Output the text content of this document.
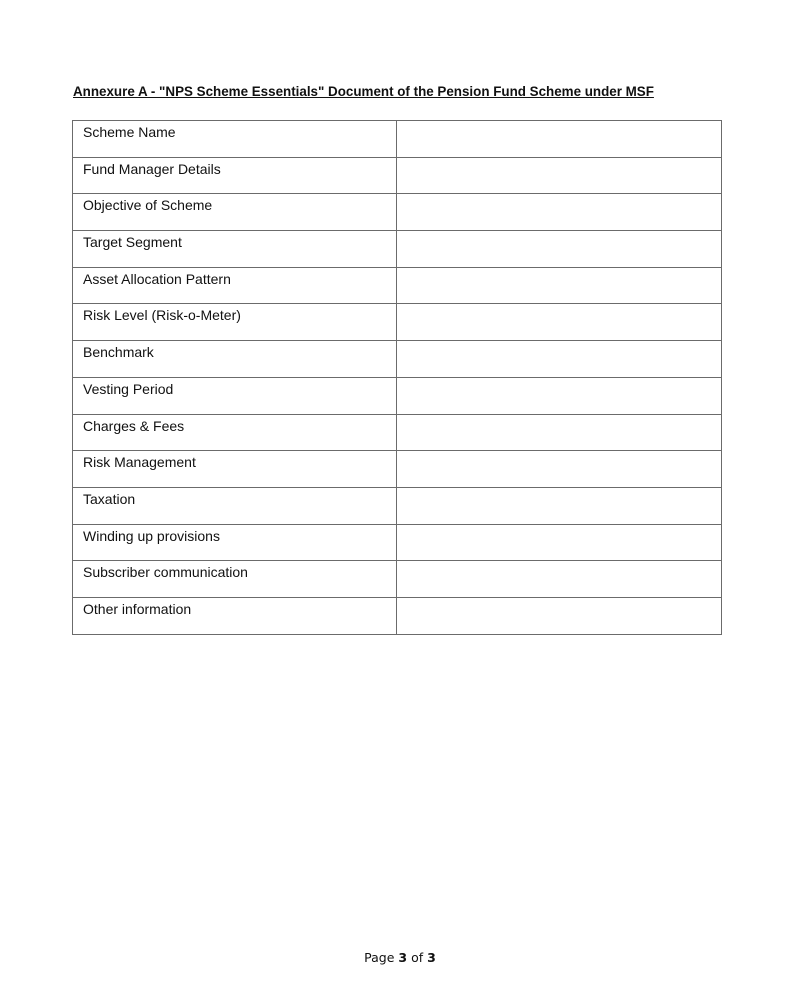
Annexure A - "NPS Scheme Essentials" Document of the Pension Fund Scheme under MSF
Scheme Name	
Fund Manager Details	
Objective of Scheme	
Target Segment	
Asset Allocation Pattern	
Risk Level (Risk-o-Meter)	
Benchmark	
Vesting Period	
Charges & Fees	
Risk Management	
Taxation	
Winding up provisions	
Subscriber communication	
Other information	
Page 3 of 3
